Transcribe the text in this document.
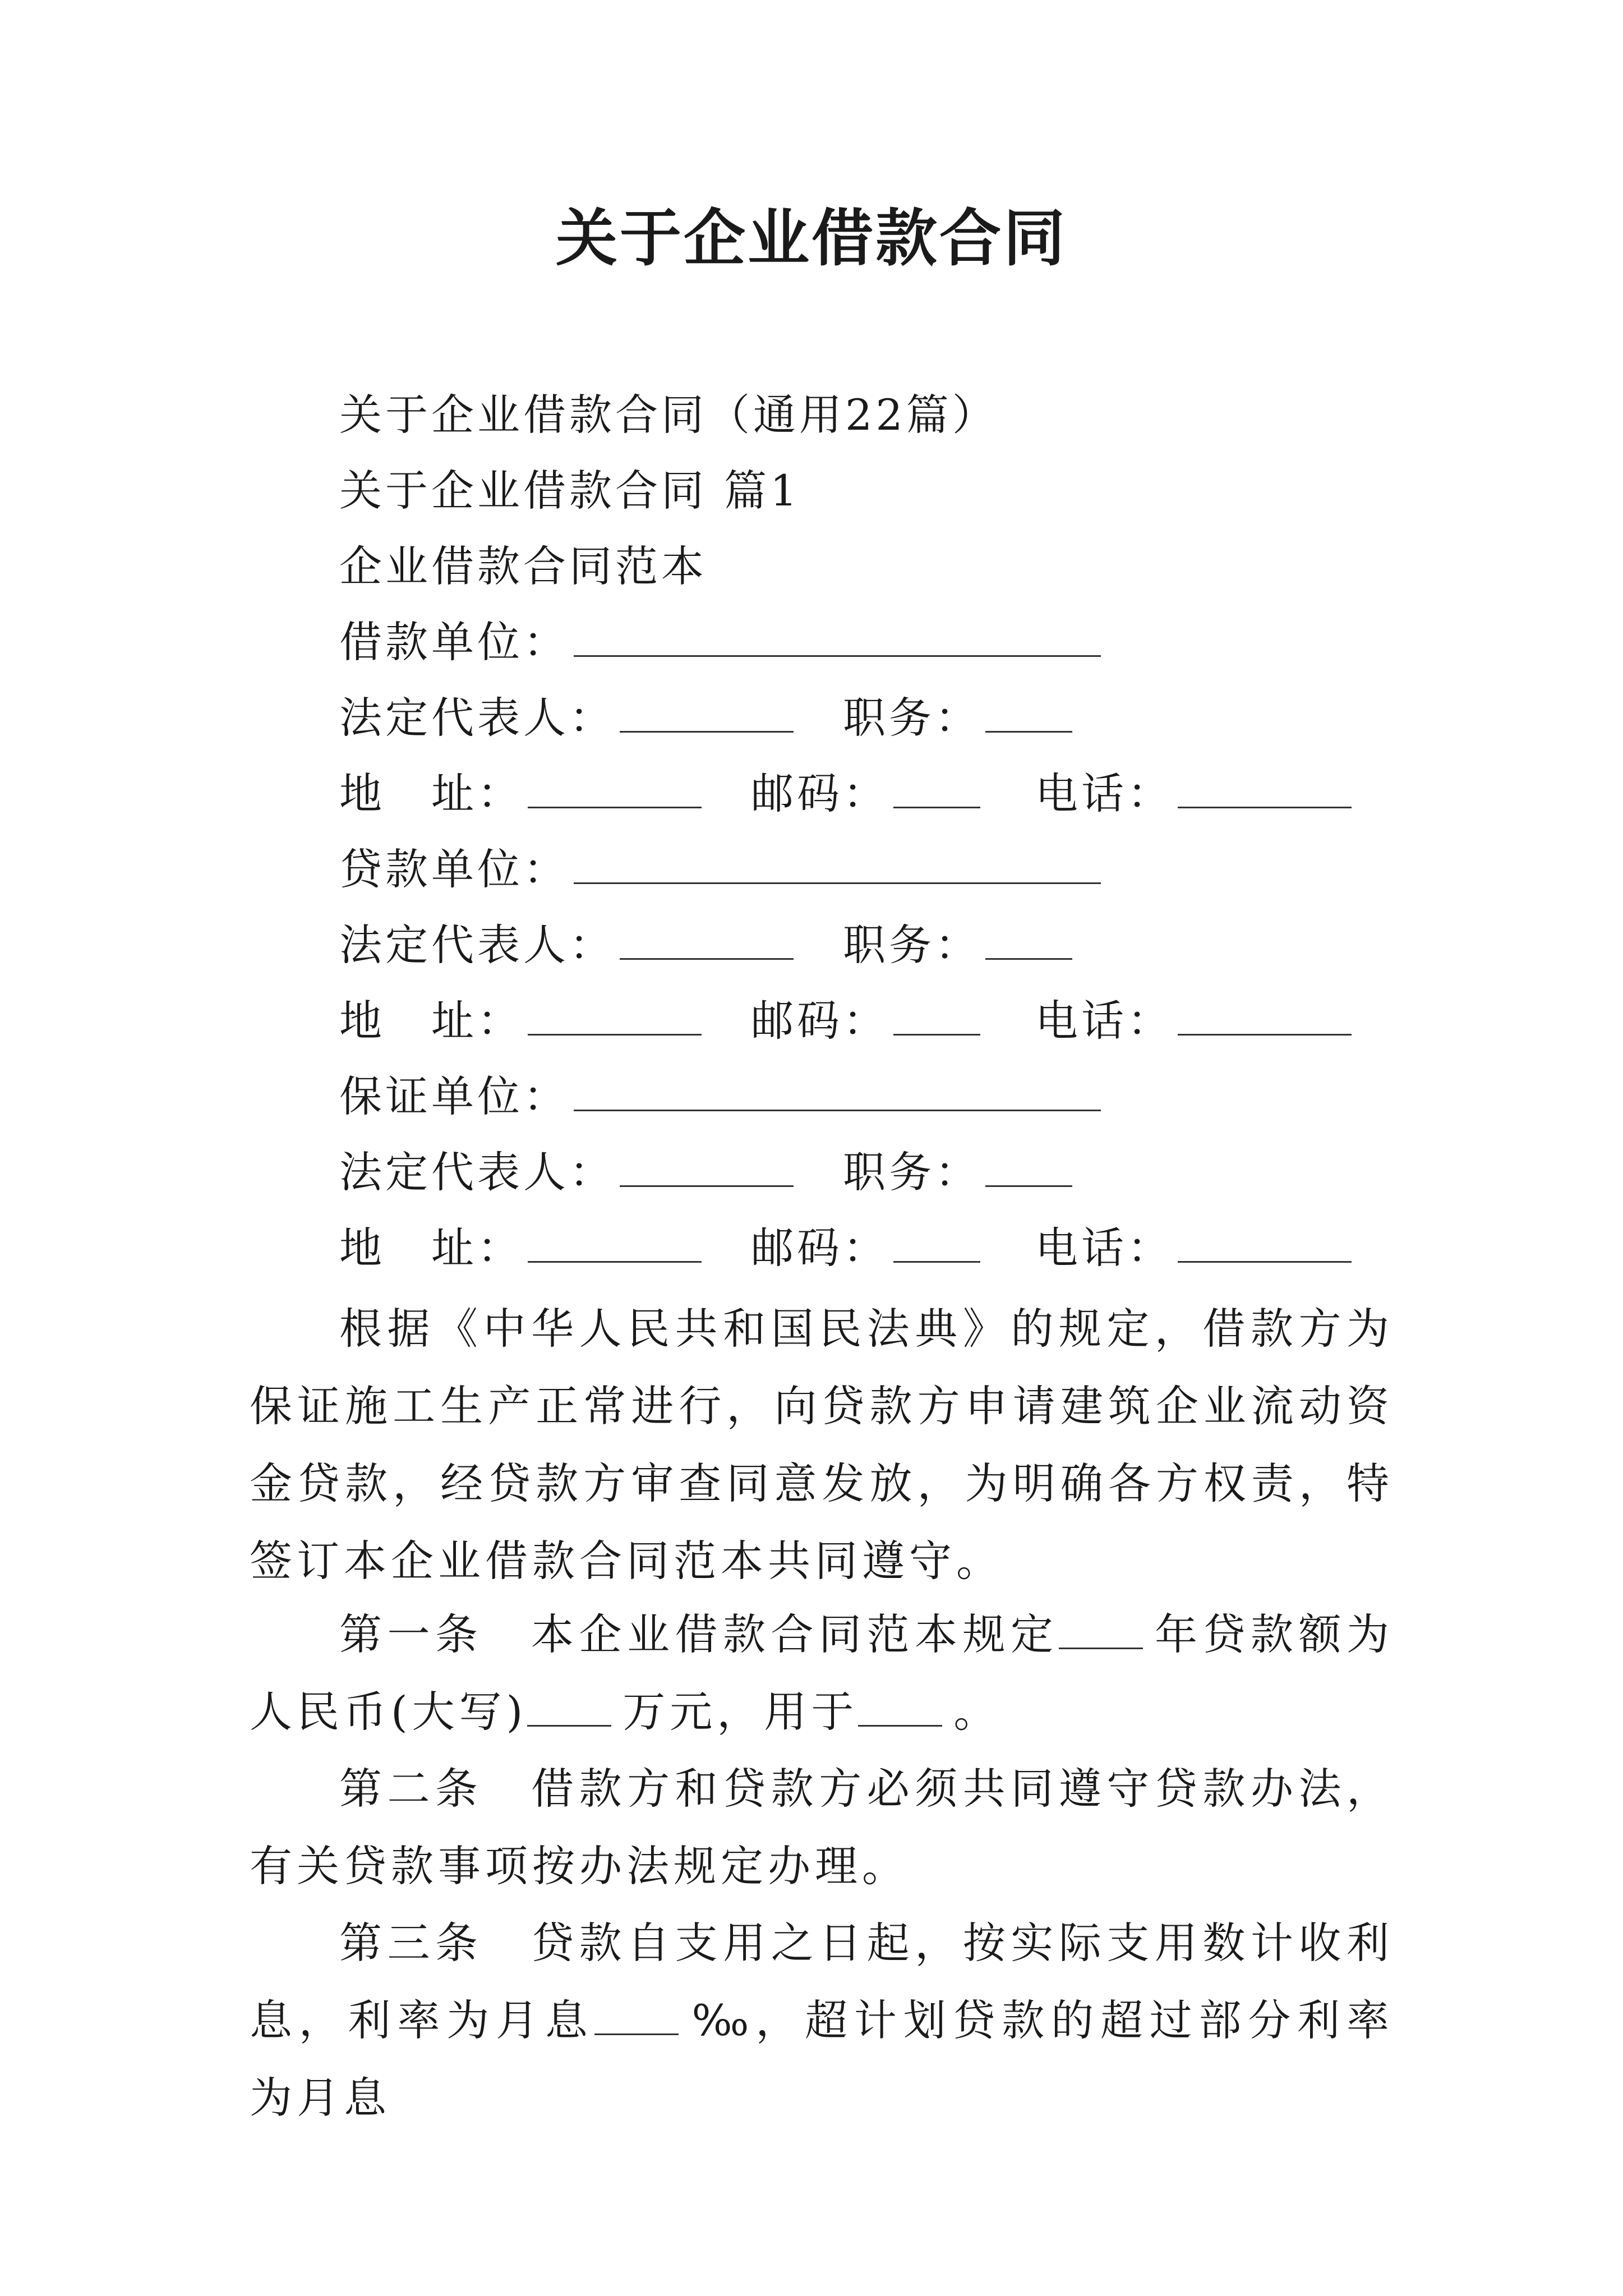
关于企业借款合同
关于企业借款合同（通用22篇）
关于企业借款合同 篇1
企业借款合同范本
借款单位：
法定代表人：	职务：
地　址：	邮码：	电话：
贷款单位：
法定代表人：	职务：
地　址：	邮码：	电话：
保证单位：
法定代表人：	职务：
地　址：	邮码：	电话：
根据《中华人民共和国民法典》的规定，借款方为保证施工生产正常进行，向贷款方申请建筑企业流动资金贷款，经贷款方审查同意发放，为明确各方权责，特签订本企业借款合同范本共同遵守。
第一条　本企业借款合同范本规定 年贷款额为人民币(大写) 万元，用于 。
第二条　借款方和贷款方必须共同遵守贷款办法，有关贷款事项按办法规定办理。
第三条　贷款自支用之日起，按实际支用数计收利息，利率为月息 ‰，超计划贷款的超过部分利率为月息
